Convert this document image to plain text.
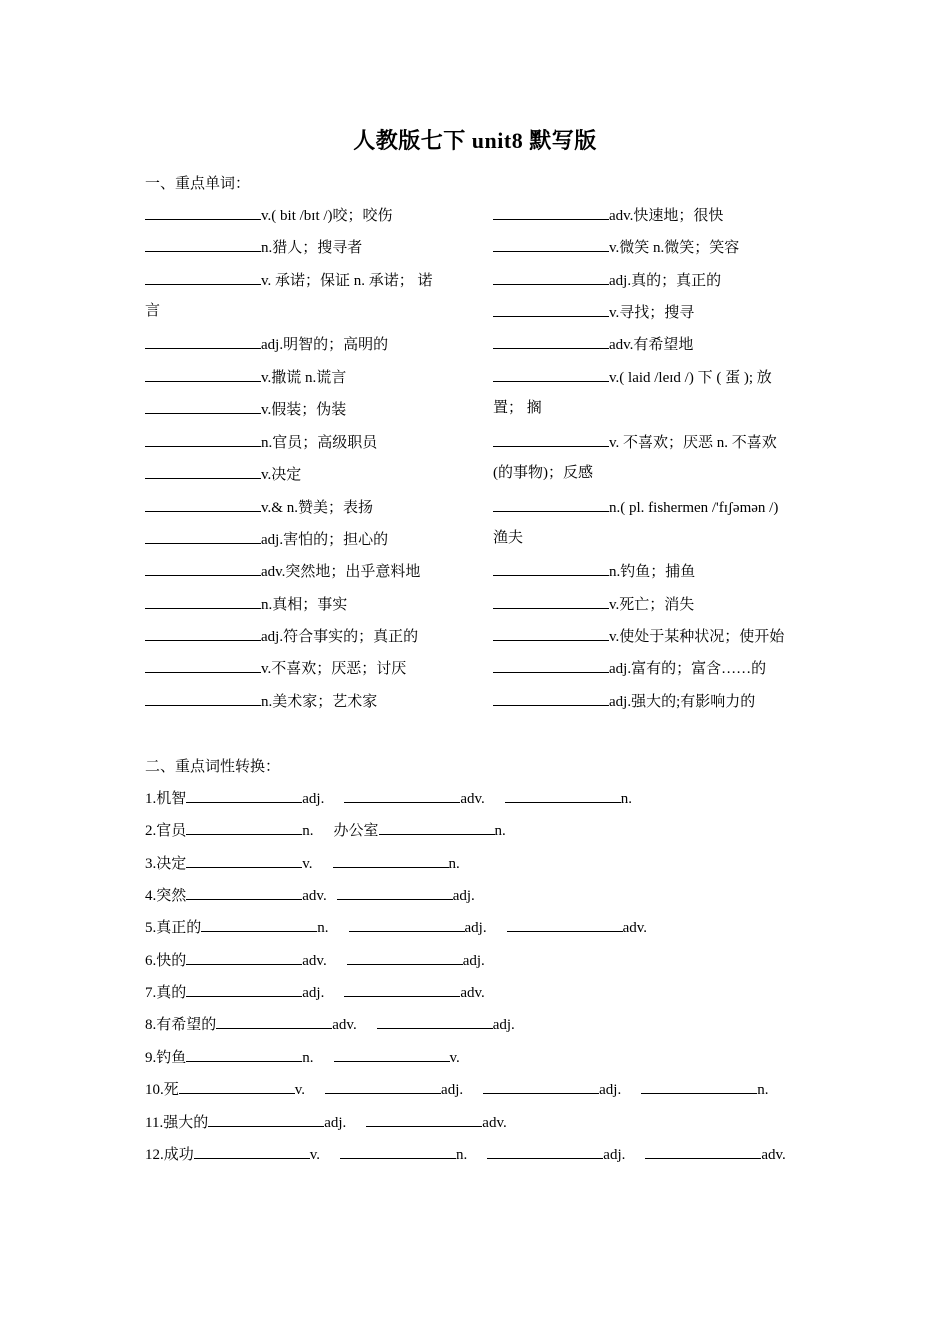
人教版七下 unit8 默写版
一、重点单词：
v.( bit /bɪt /)咬；咬伤
n.猎人；搜寻者
v. 承诺；保证 n. 承诺； 诺
言
adj.明智的；高明的
v.撒谎 n.谎言
v.假装；伪装
n.官员；高级职员
v.决定
v.& n.赞美；表扬
adj.害怕的；担心的
adv.突然地；出乎意料地
n.真相；事实
adj.符合事实的；真正的
v.不喜欢；厌恶；讨厌
n.美术家；艺术家
adv.快速地；很快
v.微笑 n.微笑；笑容
adj.真的；真正的
v.寻找；搜寻
adv.有希望地
v.( laid /leɪd /) 下 ( 蛋 ); 放
置； 搁
v. 不喜欢；厌恶 n. 不喜欢
(的事物)；反感
n.( pl. fishermen /'fɪʃəmən /)
渔夫
n.钓鱼；捕鱼
v.死亡；消失
v.使处于某种状况；使开始
adj.富有的；富含……的
adj.强大的;有影响力的
二、重点词性转换：
1.机智	adj.	adv.	n.
2.官员	n. 办公室	n.
3.决定	v.	n.
4.突然	adv.	adj.
5.真正的	n.	adj.	adv.
6.快的	adv.	adj.
7.真的	adj.	adv.
8.有希望的	adv.	adj.
9.钓鱼	n.	v.
10.死	v.	adj.	adj.	n.
11.强大的	adj.	adv.
12.成功	v.	n.	adj.	adv.
